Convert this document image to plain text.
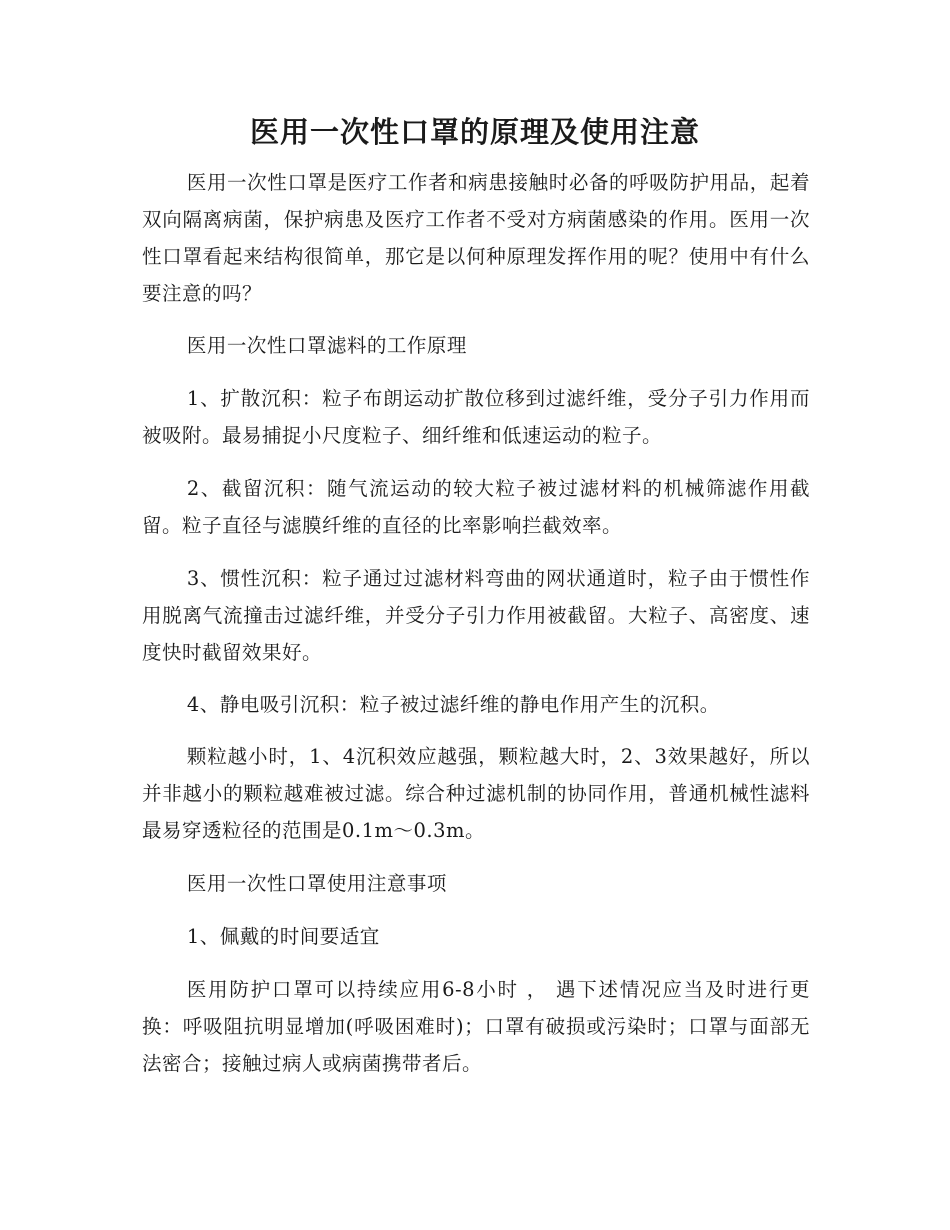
医用一次性口罩的原理及使用注意

医用一次性口罩是医疗工作者和病患接触时必备的呼吸防护用品，起着双向隔离病菌，保护病患及医疗工作者不受对方病菌感染的作用。医用一次性口罩看起来结构很简单，那它是以何种原理发挥作用的呢？使用中有什么要注意的吗？

医用一次性口罩滤料的工作原理

1、扩散沉积：粒子布朗运动扩散位移到过滤纤维，受分子引力作用而被吸附。最易捕捉小尺度粒子、细纤维和低速运动的粒子。

2、截留沉积：随气流运动的较大粒子被过滤材料的机械筛滤作用截留。粒子直径与滤膜纤维的直径的比率影响拦截效率。

3、惯性沉积：粒子通过过滤材料弯曲的网状通道时，粒子由于惯性作用脱离气流撞击过滤纤维，并受分子引力作用被截留。大粒子、高密度、速度快时截留效果好。

4、静电吸引沉积：粒子被过滤纤维的静电作用产生的沉积。

颗粒越小时，1、4沉积效应越强，颗粒越大时，2、3效果越好，所以并非越小的颗粒越难被过滤。综合种过滤机制的协同作用，普通机械性滤料最易穿透粒径的范围是0.1m～0.3m。

医用一次性口罩使用注意事项

1、佩戴的时间要适宜

医用防护口罩可以持续应用6-8小时 ， 遇下述情况应当及时进行更换：呼吸阻抗明显增加(呼吸困难时)；口罩有破损或污染时；口罩与面部无法密合；接触过病人或病菌携带者后。
